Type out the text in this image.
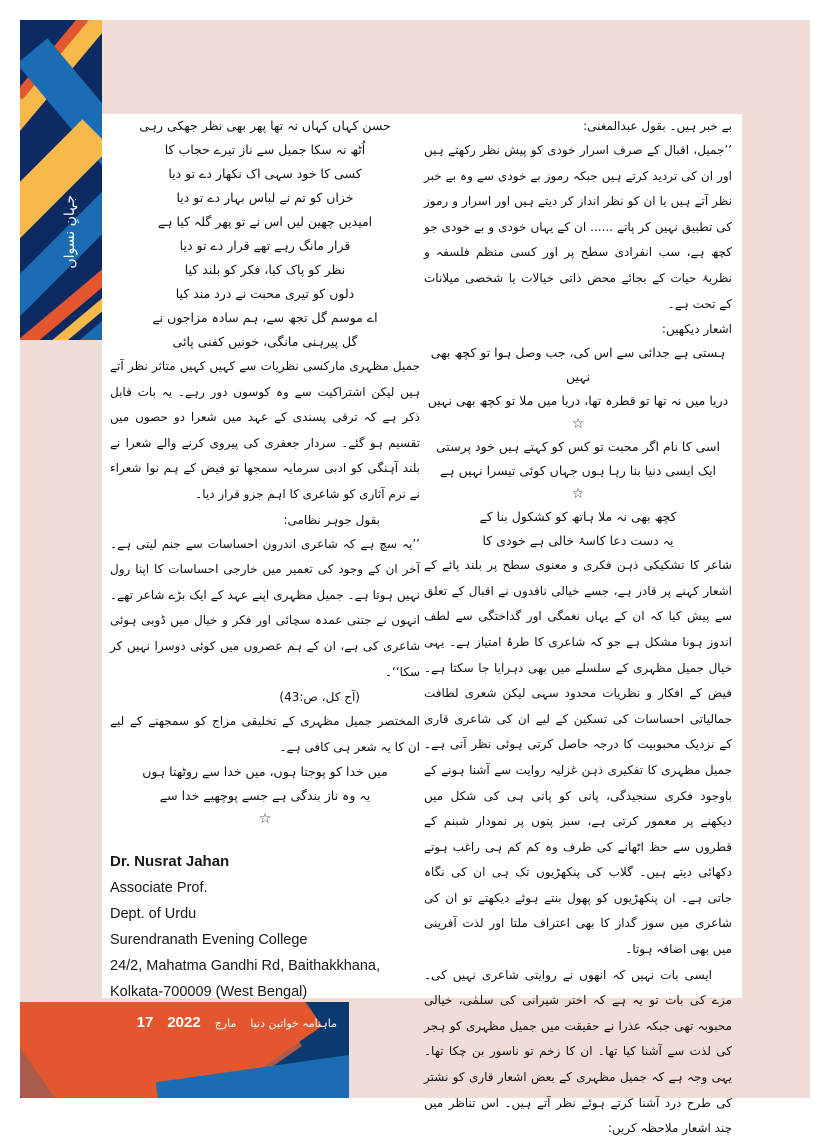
جہانِ نسواں

بے خبر ہیں۔ بقول عبدالمغنی:

’’جمیل، اقبال کے صرف اسرار خودی کو پیش نظر رکھتے ہیں اور ان کی تردید کرتے ہیں جبکہ رموز بے خودی سے وہ بے خبر نظر آتے ہیں یا ان کو نظر انداز کر دیتے ہیں اور اسرار و رموز کی تطبیق نہیں کر پاتے ...... ان کے یہاں خودی و بے خودی جو کچھ ہے، سب انفرادی سطح پر اور کسی منظم فلسفہ و نظریۂ حیات کے بجائے محض ذاتی خیالات یا شخصی میلانات کے تحت ہے۔

اشعار دیکھیں:

ہستی ہے جدائی سے اس کی، جب وصل ہوا تو کچھ بھی نہیں

دریا میں نہ تھا تو قطرہ تھا، دریا میں ملا تو کچھ بھی نہیں

☆

اسی کا نام اگر محبت تو کس کو کہتے ہیں خود پرستی

ایک ایسی دنیا بنا رہا ہوں جہاں کوئی تیسرا نہیں ہے

☆

کچھ بھی نہ ملا ہاتھ کو کشکول بنا کے

یہ دست دعا کاسۂ خالی ہے خودی کا

شاعر کا تشکیکی ذہن فکری و معنوی سطح پر بلند پائے کے اشعار کہنے پر قادر ہے، جسے خیالی ناقدوں نے اقبال کے تعلق سے پیش کیا کہ ان کے یہاں نغمگی اور گداختگی سے لطف اندوز ہونا مشکل ہے جو کہ شاعری کا طرۂ امتیاز ہے۔ یہی خیال جمیل مظہری کے سلسلے میں بھی دہرایا جا سکتا ہے۔ فیض کے افکار و نظریات محدود سہی لیکن شعری لطافت جمالیاتی احساسات کی تسکین کے لیے ان کی شاعری قاری کے نزدیک محبوبیت کا درجہ حاصل کرتی ہوئی نظر آتی ہے۔ جمیل مظہری کا تفکیری ذہن غزلیہ روایت سے آشنا ہونے کے باوجود فکری سنجیدگی، پانی کو پانی ہی کی شکل میں دیکھنے پر معمور کرتی ہے، سبز پتوں پر نمودار شبنم کے قطروں سے حظ اٹھانے کی طرف وہ کم کم ہی راغب ہوتے دکھائی دیتے ہیں۔ گلاب کی پنکھڑیوں تک ہی ان کی نگاہ جاتی ہے۔ ان پنکھڑیوں کو پھول بنتے ہوئے دیکھتے تو ان کی شاعری میں سوز گداز کا بھی اعتراف ملتا اور لذت آفرینی میں بھی اضافہ ہوتا۔

ایسی بات نہیں کہ انھوں نے روایتی شاعری نہیں کی۔ مزے کی بات تو یہ ہے کہ اختر شیرانی کی سلمٰی، خیالی محبوبہ تھی جبکہ عذرا نے حقیقت میں جمیل مظہری کو ہجر کی لذت سے آشنا کیا تھا۔ ان کا زخم تو ناسور بن چکا تھا۔ یہی وجہ ہے کہ جمیل مظہری کے بعض اشعار قاری کو نشتر کی طرح درد آشنا کرتے ہوئے نظر آتے ہیں۔ اس تناظر میں چند اشعار ملاحظہ کریں:

حسن کہاں کہاں نہ تھا پھر بھی نظر جھکی رہی

اُٹھ نہ سکا جمیل سے ناز تیرے حجاب کا

کسی کا خود سہی اک نکھار دے تو دیا

خزاں کو تم نے لباس بہار دے تو دیا

امیدیں چھین لیں اس نے تو پھر گلہ کیا ہے

قرار مانگ رہے تھے قرار دے تو دیا

نظر کو پاک کیا، فکر کو بلند کیا

دلوں کو تیری محبت نے درد مند کیا

اے موسم گل تجھ سے، ہم سادہ مزاجوں نے

گل پیرہنی مانگی، خونیں کفنی پائی

جمیل مظہری مارکسی نظریات سے کہیں کہیں متاثر نظر آتے ہیں لیکن اشتراکیت سے وہ کوسوں دور رہے۔ یہ بات قابل ذکر ہے کہ ترقی پسندی کے عہد میں شعرا دو حصوں میں تقسیم ہو گئے۔ سردار جعفری کی پیروی کرنے والے شعرا نے بلند آہنگی کو ادبی سرمایہ سمجھا تو فیض کے ہم نوا شعراء نے نرم آثاری کو شاعری کا اہم جزو قرار دیا۔

بقول جوہر نظامی:

’’یہ سچ ہے کہ شاعری اندرون احساسات سے جنم لیتی ہے۔ آخر ان کے وجود کی تعمیر میں خارجی احساسات کا اپنا رول نہیں ہوتا ہے۔ جمیل مظہری اپنے عہد کے ایک بڑے شاعر تھے۔ انہوں نے جتنی عمدہ سچائی اور فکر و خیال میں ڈوبی ہوئی شاعری کی ہے، ان کے ہم عصروں میں کوئی دوسرا نہیں کر سکا‘‘۔

(آج کل، ص:43)

المختصر جمیل مظہری کے تخلیقی مزاج کو سمجھنے کے لیے ان کا یہ شعر ہی کافی ہے۔

میں خدا کو پوجتا ہوں، میں خدا سے روٹھتا ہوں

یہ وہ ناز بندگی ہے جسے پوچھیے خدا سے

☆
Dr. Nusrat Jahan
Associate Prof.
Dept. of Urdu
Surendranath Evening College
24/2, Mahatma Gandhi Rd, Baithakkhana,
Kolkata-700009 (West Bengal)
17 2022 مارچ ماہنامہ خواتین دنیا
